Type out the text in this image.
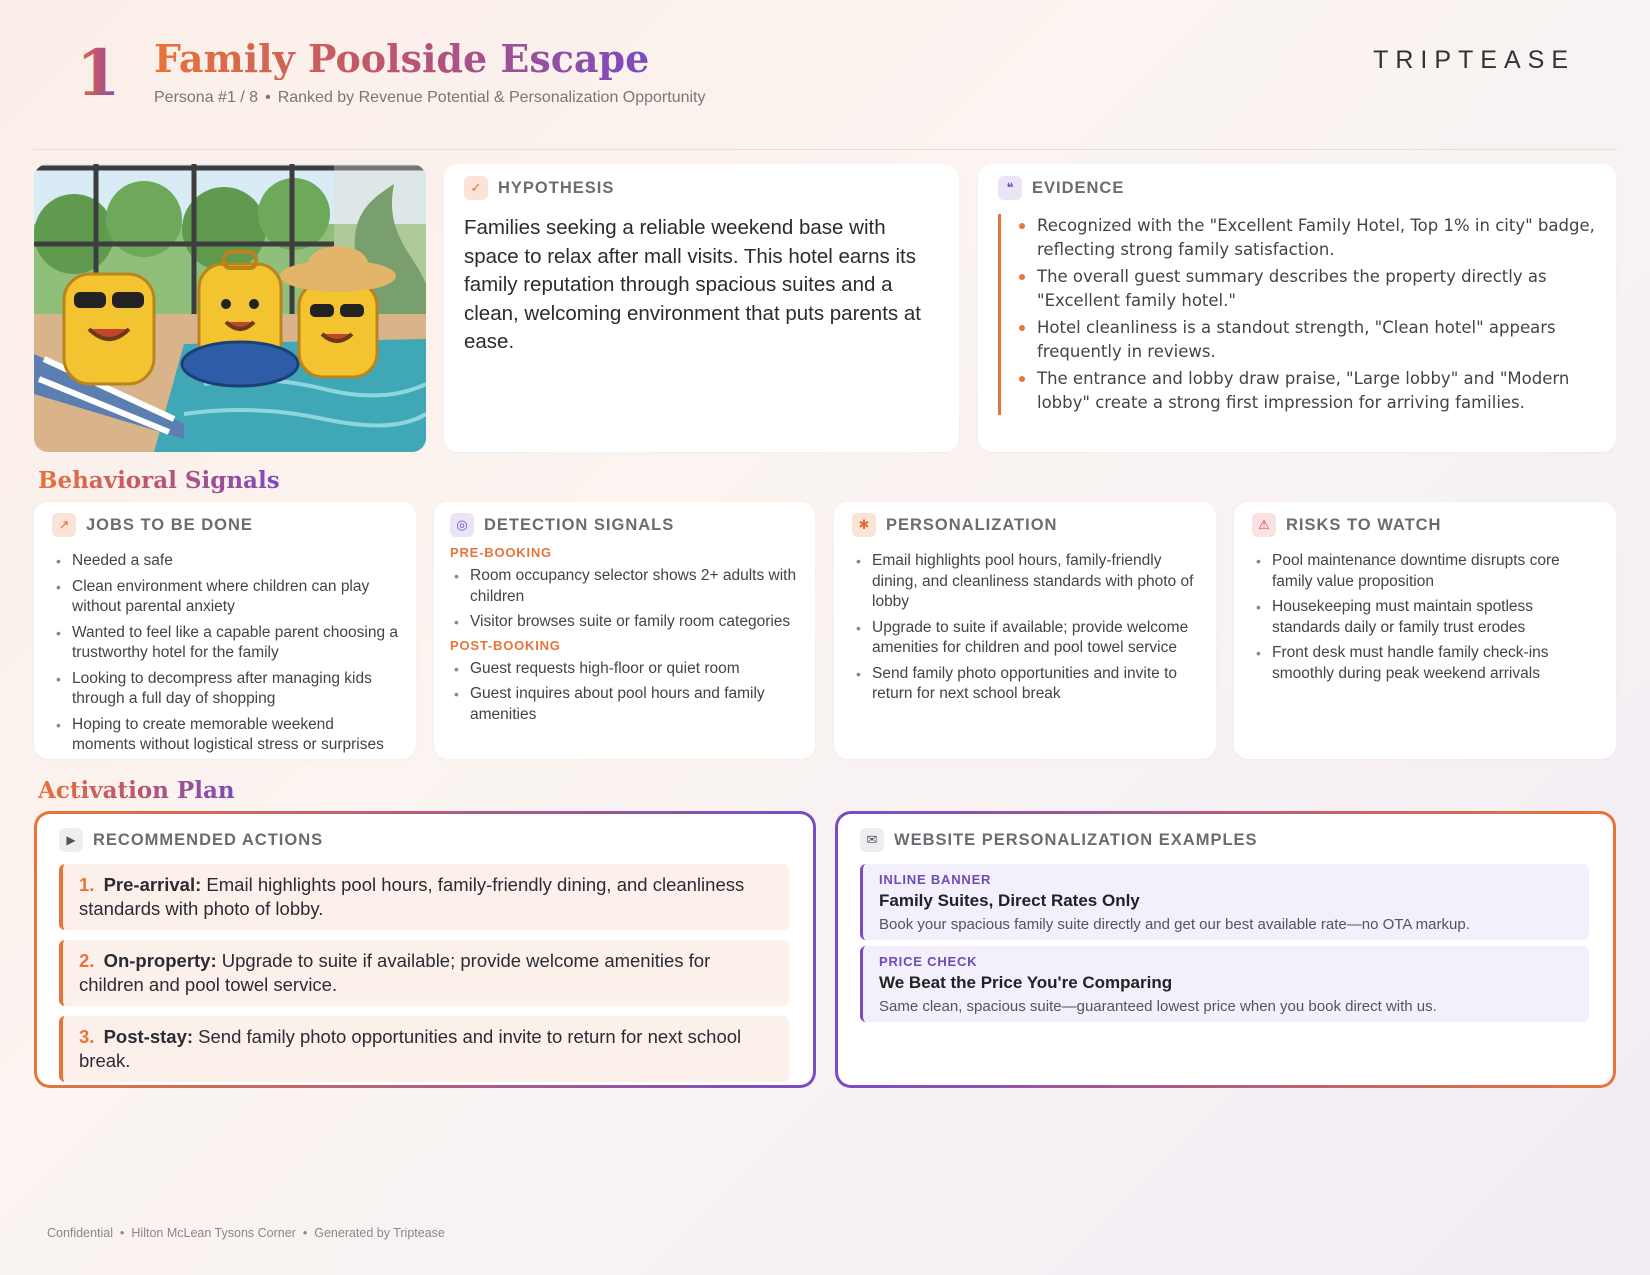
1 Family Poolside Escape
Persona #1 / 8 • Ranked by Revenue Potential & Personalization Opportunity
TRIPTEASE
✓	HYPOTHESIS

Families seeking a reliable weekend base with space to relax after mall visits. This hotel earns its family reputation through spacious suites and a clean, welcoming environment that puts parents at ease.

❝	EVIDENCE
Recognized with the "Excellent Family Hotel, Top 1% in city" badge, reflecting strong family satisfaction.
The overall guest summary describes the property directly as "Excellent family hotel."
Hotel cleanliness is a standout strength, "Clean hotel" appears frequently in reviews.
The entrance and lobby draw praise, "Large lobby" and "Modern lobby" create a strong first impression for arriving families.
Behavioral Signals
↗	JOBS TO BE DONE
• Needed a safe
• Clean environment where children can play without parental anxiety
• Wanted to feel like a capable parent choosing a trustworthy hotel for the family
• Looking to decompress after managing kids through a full day of shopping
• Hoping to create memorable weekend moments without logistical stress or surprises
◎ DETECTION SIGNALS
PRE-BOOKING
• Room occupancy selector shows 2+ adults with children
• Visitor browses suite or family room categories
POST-BOOKING
• Guest requests high-floor or quiet room
• Guest inquires about pool hours and family amenities
✱	PERSONALIZATION
• Email highlights pool hours, family-friendly dining, and cleanliness standards with photo of lobby
• Upgrade to suite if available; provide welcome amenities for children and pool towel service
• Send family photo opportunities and invite to return for next school break
⚠ RISKS TO WATCH
• Pool maintenance downtime disrupts core family value proposition
• Housekeeping must maintain spotless standards daily or family trust erodes
• Front desk must handle family check-ins smoothly during peak weekend arrivals
Activation Plan
▶	RECOMMENDED ACTIONS
1. Pre-arrival: Email highlights pool hours, family-friendly dining, and cleanliness standards with photo of lobby.
2. On-property: Upgrade to suite if available; provide welcome amenities for children and pool towel service.
3. Post-stay: Send family photo opportunities and invite to return for next school break.
✉	WEBSITE PERSONALIZATION EXAMPLES
INLINE BANNER
Family Suites, Direct Rates Only
Book your spacious family suite directly and get our best available rate—no OTA markup.
PRICE CHECK
We Beat the Price You're Comparing
Same clean, spacious suite—guaranteed lowest price when you book direct with us.
Confidential • Hilton McLean Tysons Corner • Generated by Triptease
